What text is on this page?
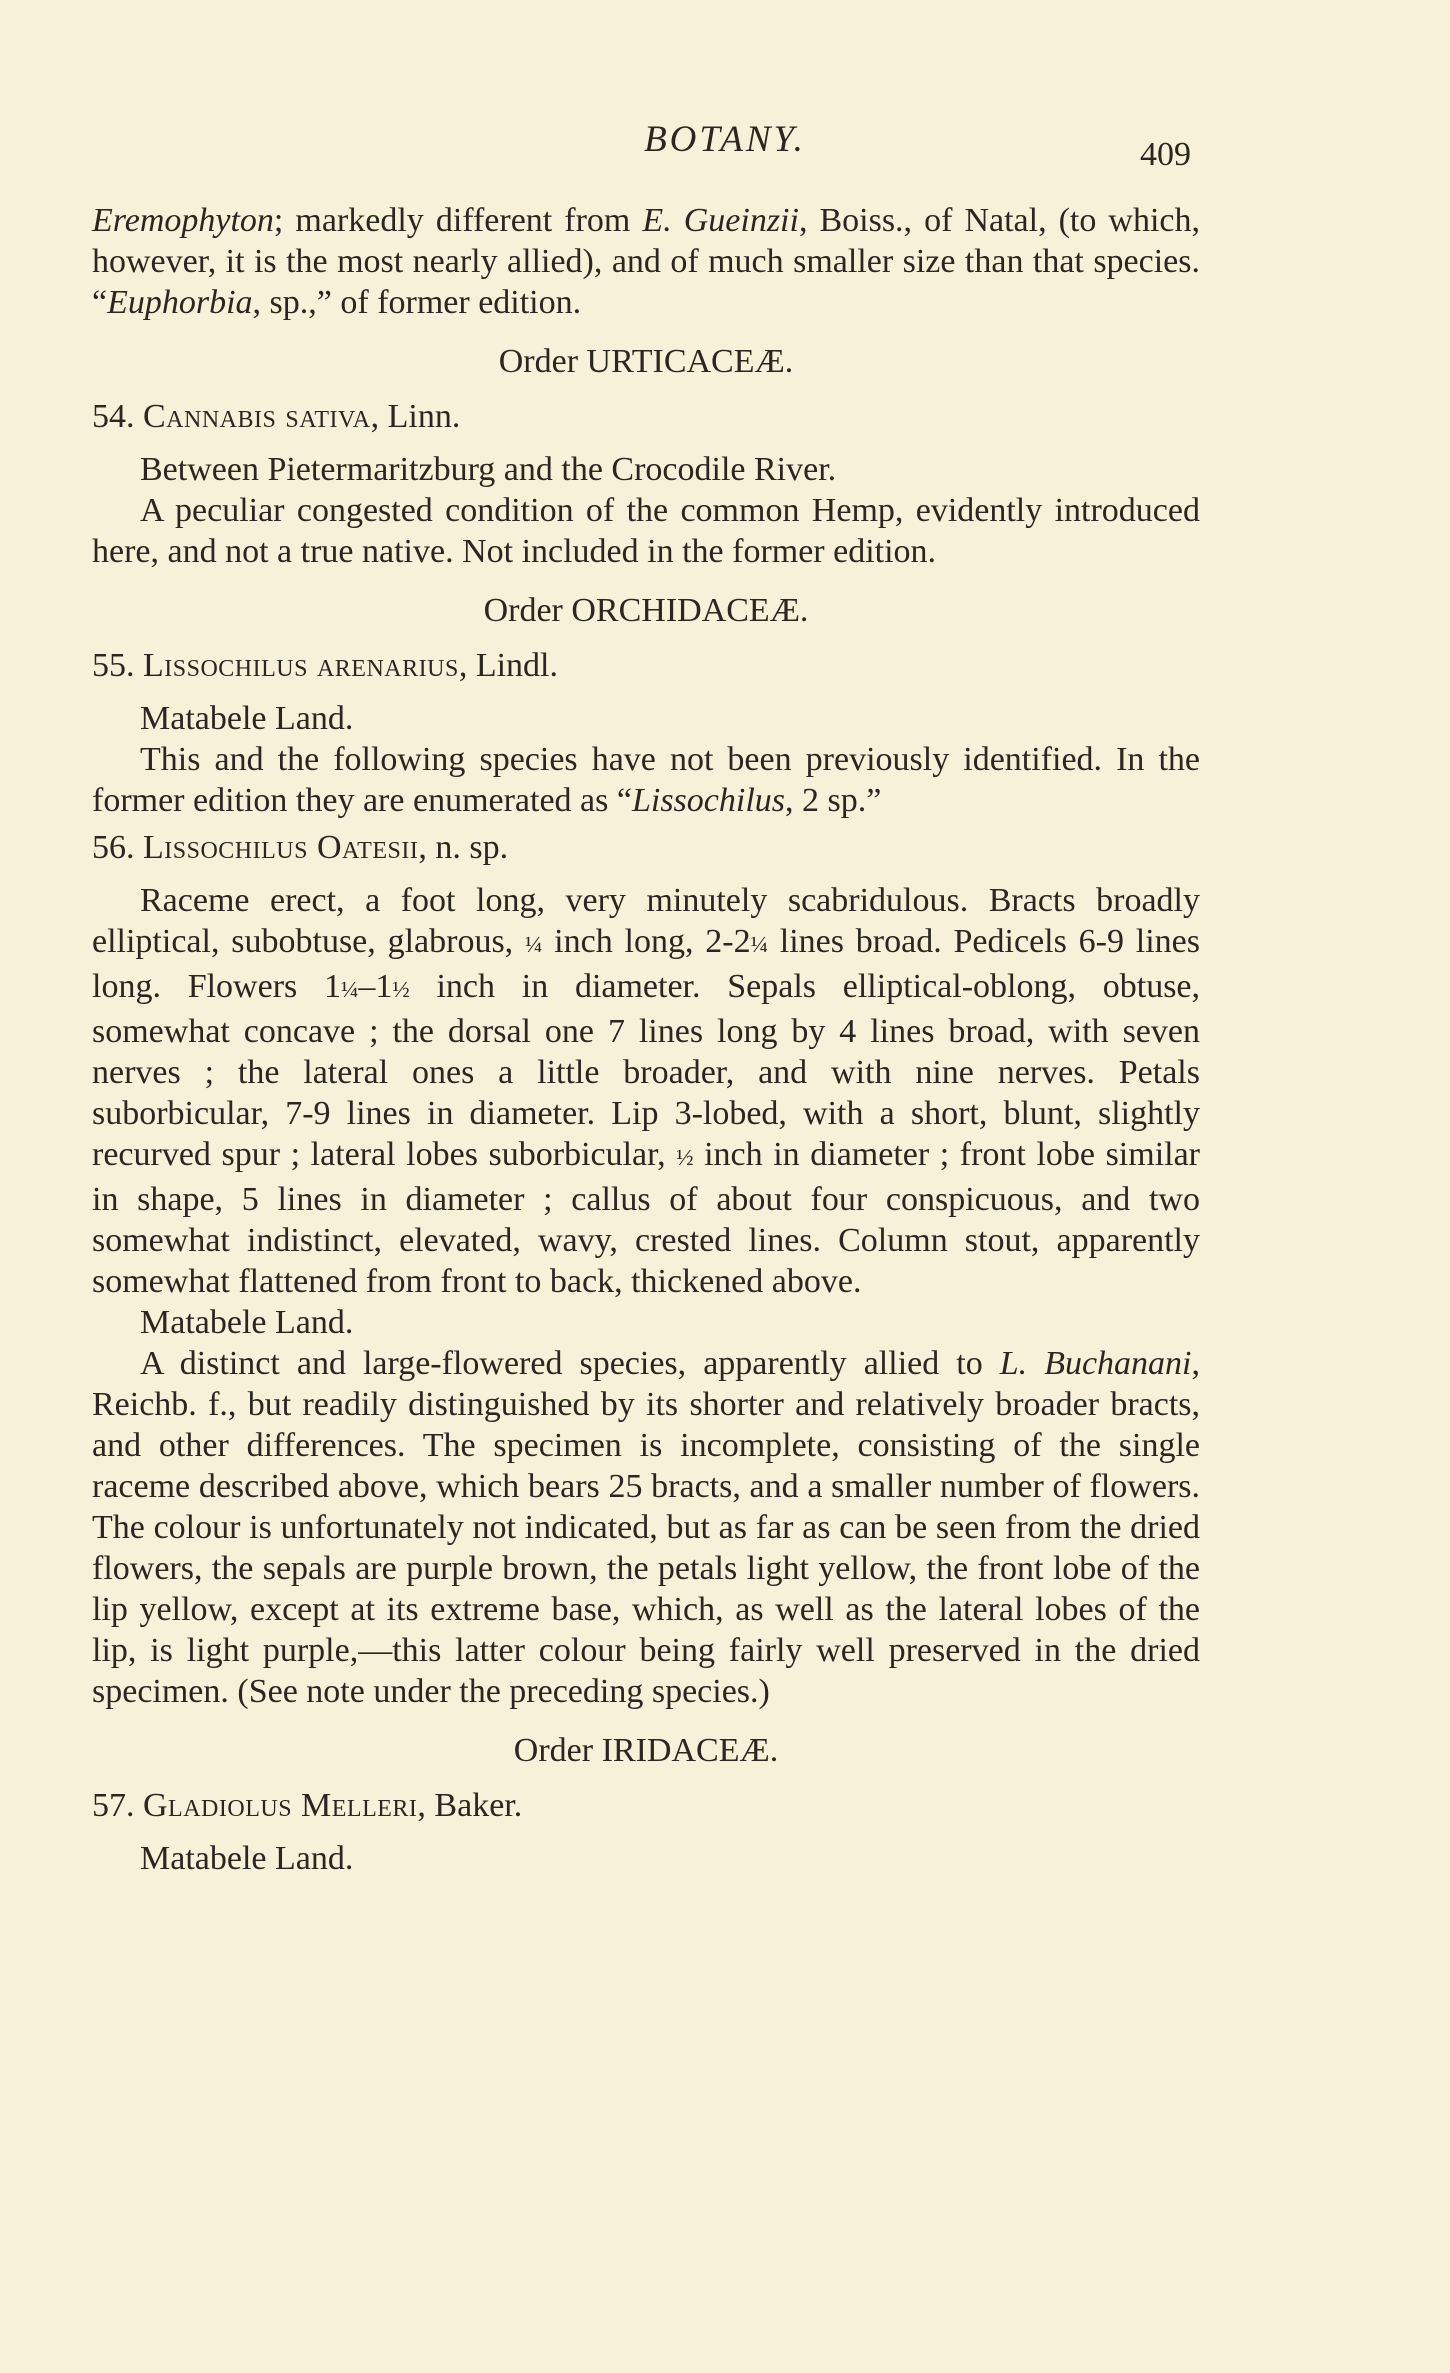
BOTANY.	409

Eremophyton; markedly different from E. Gueinzii, Boiss., of Natal, (to which, however, it is the most nearly allied), and of much smaller size than that species. “Euphorbia, sp.,” of former edition.

Order URTICACEÆ.

54. Cannabis sativa, Linn.

Between Pietermaritzburg and the Crocodile River.

A peculiar congested condition of the common Hemp, evidently introduced here, and not a true native. Not included in the former edition.

Order ORCHIDACEÆ.

55. Lissochilus arenarius, Lindl.

Matabele Land.

This and the following species have not been previously identified. In the former edition they are enumerated as “Lissochilus, 2 sp.”

56. Lissochilus Oatesii, n. sp.

Raceme erect, a foot long, very minutely scabridulous. Bracts broadly elliptical, subobtuse, glabrous, ¼ inch long, 2-2¼ lines broad. Pedicels 6-9 lines long. Flowers 1¼–1½ inch in diameter. Sepals elliptical-oblong, obtuse, somewhat concave ; the dorsal one 7 lines long by 4 lines broad, with seven nerves ; the lateral ones a little broader, and with nine nerves. Petals suborbicular, 7-9 lines in diameter. Lip 3-lobed, with a short, blunt, slightly recurved spur ; lateral lobes suborbicular, ½ inch in diameter ; front lobe similar in shape, 5 lines in diameter ; callus of about four conspicuous, and two somewhat indistinct, elevated, wavy, crested lines. Column stout, apparently somewhat flattened from front to back, thickened above.

Matabele Land.

A distinct and large-flowered species, apparently allied to L. Buchanani, Reichb. f., but readily distinguished by its shorter and relatively broader bracts, and other differences. The specimen is incomplete, consisting of the single raceme described above, which bears 25 bracts, and a smaller number of flowers. The colour is unfortunately not indicated, but as far as can be seen from the dried flowers, the sepals are purple brown, the petals light yellow, the front lobe of the lip yellow, except at its extreme base, which, as well as the lateral lobes of the lip, is light purple,—this latter colour being fairly well preserved in the dried specimen. (See note under the preceding species.)

Order IRIDACEÆ.

57. Gladiolus Melleri, Baker.

Matabele Land.
